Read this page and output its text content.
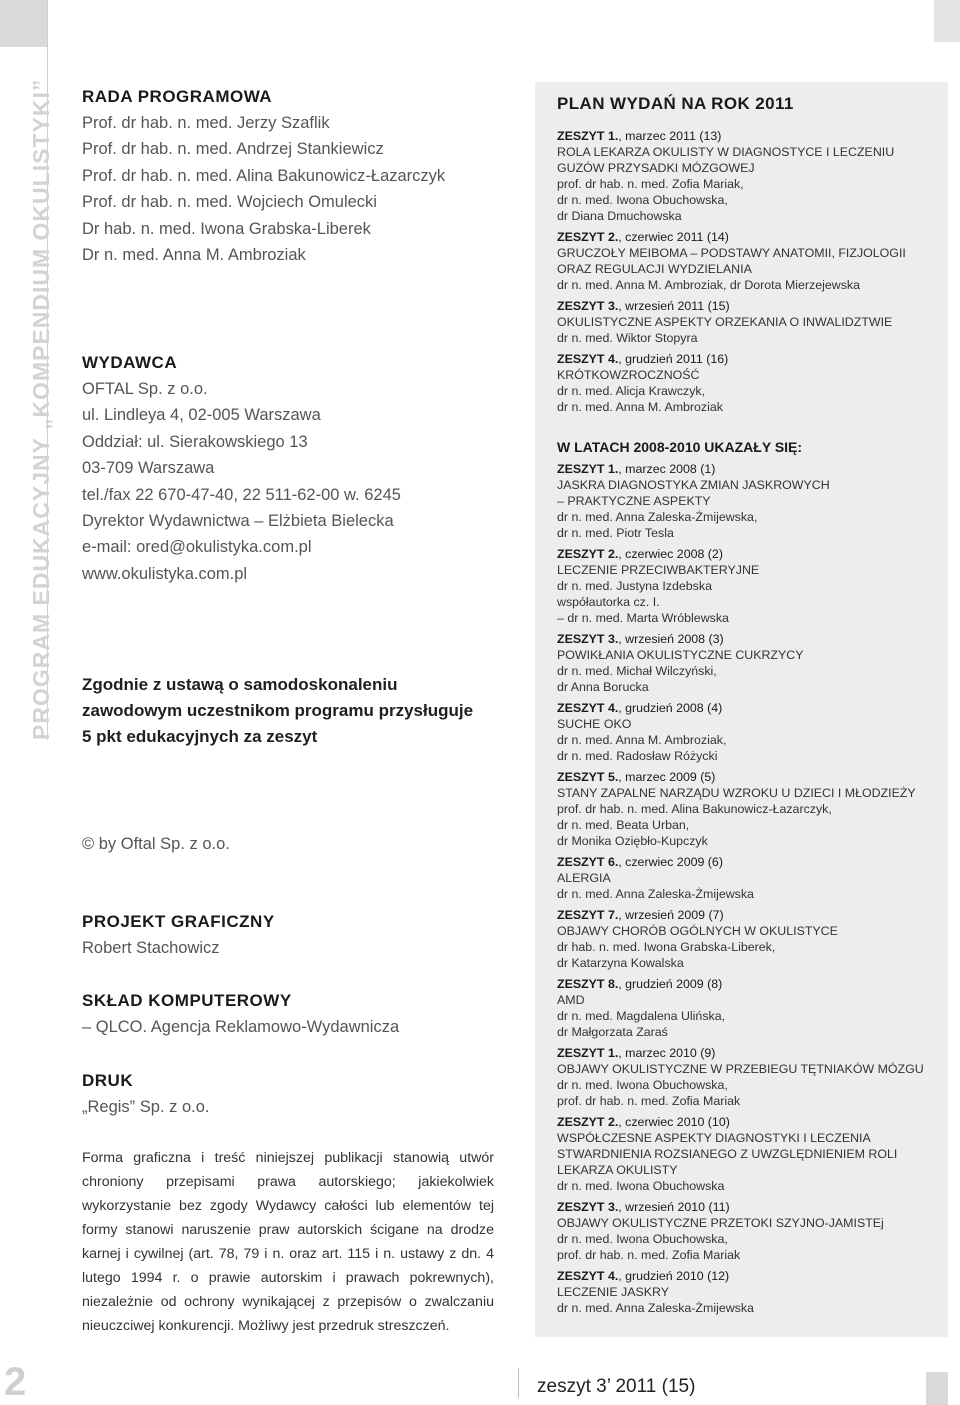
PROGRAM EDUKACYJNY „KOMPENDIUM OKULISTYKI”
2
RADA PROGRAMOWA
Prof. dr hab. n. med. Jerzy Szaflik
Prof. dr hab. n. med. Andrzej Stankiewicz
Prof. dr hab. n. med. Alina Bakunowicz-Łazarczyk
Prof. dr hab. n. med. Wojciech Omulecki
Dr hab. n. med. Iwona Grabska-Liberek
Dr n. med. Anna M. Ambroziak
WYDAWCA
OFTAL Sp. z o.o.
ul. Lindleya 4, 02-005 Warszawa
Oddział: ul. Sierakowskiego 13
03-709 Warszawa
tel./fax 22 670-47-40, 22 511-62-00 w. 6245
Dyrektor Wydawnictwa – Elżbieta Bielecka
e-mail: ored@okulistyka.com.pl
www.okulistyka.com.pl
Zgodnie z ustawą o samodoskonaleniu zawodowym uczestnikom programu przysługuje 5 pkt edukacyjnych za zeszyt
© by Oftal Sp. z o.o.
PROJEKT GRAFICZNY
Robert Stachowicz
SKŁAD KOMPUTEROWY
– QLCO. Agencja Reklamowo-Wydawnicza
DRUK
„Regis” Sp. z o.o.
Forma graficzna i treść niniejszej publikacji stanowią utwór chroniony przepisami prawa autorskiego; jakiekolwiek wykorzystanie bez zgody Wydawcy całości lub elementów tej formy stanowi naruszenie praw autorskich ścigane na drodze karnej i cywilnej (art. 78, 79 i n. oraz art. 115 i n. ustawy z dn. 4 lutego 1994 r. o prawie autorskim i prawach pokrewnych), niezależnie od ochrony wynikającej z przepisów o zwalczaniu nieuczciwej konkurencji. Możliwy jest przedruk streszczeń.
PLAN WYDAŃ NA ROK 2011
ZESZYT 1., marzec 2011 (13)
ROLA LEKARZA OKULISTY W DIAGNOSTYCE I LECZENIU
GUZÓW PRZYSADKI MÓZGOWEJ
prof. dr hab. n. med. Zofia Mariak,
dr n. med. Iwona Obuchowska,
dr Diana Dmuchowska
ZESZYT 2., czerwiec 2011 (14)
GRUCZOŁY MEIBOMA – PODSTAWY ANATOMII, FIZJOLOGII
ORAZ REGULACJI WYDZIELANIA
dr n. med. Anna M. Ambroziak, dr Dorota Mierzejewska
ZESZYT 3., wrzesień 2011 (15)
OKULISTYCZNE ASPEKTY ORZEKANIA O INWALIDZTWIE
dr n. med. Wiktor Stopyra
ZESZYT 4., grudzień 2011 (16)
KRÓTKOWZROCZNOŚĆ
dr n. med. Alicja Krawczyk,
dr n. med. Anna M. Ambroziak
W LATACH 2008-2010 UKAZAŁY SIĘ:
ZESZYT 1., marzec 2008 (1)
JASKRA DIAGNOSTYKA ZMIAN JASKROWYCH
– PRAKTYCZNE ASPEKTY
dr n. med. Anna Zaleska-Żmijewska,
dr n. med. Piotr Tesla
ZESZYT 2., czerwiec 2008 (2)
LECZENIE PRZECIWBAKTERYJNE
dr n. med. Justyna Izdebska
współautorka cz. I.
– dr n. med. Marta Wróblewska
ZESZYT 3., wrzesień 2008 (3)
POWIKŁANIA OKULISTYCZNE CUKRZYCY
dr n. med. Michał Wilczyński,
dr Anna Borucka
ZESZYT 4., grudzień 2008 (4)
SUCHE OKO
dr n. med. Anna M. Ambroziak,
dr n. med. Radosław Różycki
ZESZYT 5., marzec 2009 (5)
STANY ZAPALNE NARZĄDU WZROKU U DZIECI I MŁODZIEŻY
prof. dr hab. n. med. Alina Bakunowicz-Łazarczyk,
dr n. med. Beata Urban,
dr Monika Oziębło-Kupczyk
ZESZYT 6., czerwiec 2009 (6)
ALERGIA
dr n. med. Anna Zaleska-Żmijewska
ZESZYT 7., wrzesień 2009 (7)
OBJAWY CHORÓB OGÓLNYCH W OKULISTYCE
dr hab. n. med. Iwona Grabska-Liberek,
dr Katarzyna Kowalska
ZESZYT 8., grudzień 2009 (8)
AMD
dr n. med. Magdalena Ulińska,
dr Małgorzata Zaraś
ZESZYT 1., marzec 2010 (9)
OBJAWY OKULISTYCZNE W PRZEBIEGU TĘTNIAKÓW MÓZGU
dr n. med. Iwona Obuchowska,
prof. dr hab. n. med. Zofia Mariak
ZESZYT 2., czerwiec 2010 (10)
WSPÓŁCZESNE ASPEKTY DIAGNOSTYKI I LECZENIA
STWARDNIENIA ROZSIANEGO Z UWZGLĘDNIENIEM ROLI
LEKARZA OKULISTY
dr n. med. Iwona Obuchowska
ZESZYT 3., wrzesień 2010 (11)
OBJAWY OKULISTYCZNE PRZETOKI SZYJNO-JAMISTEj
dr n. med. Iwona Obuchowska,
prof. dr hab. n. med. Zofia Mariak
ZESZYT 4., grudzień 2010 (12)
LECZENIE JASKRY
dr n. med. Anna Zaleska-Żmijewska
zeszyt 3’ 2011 (15)
